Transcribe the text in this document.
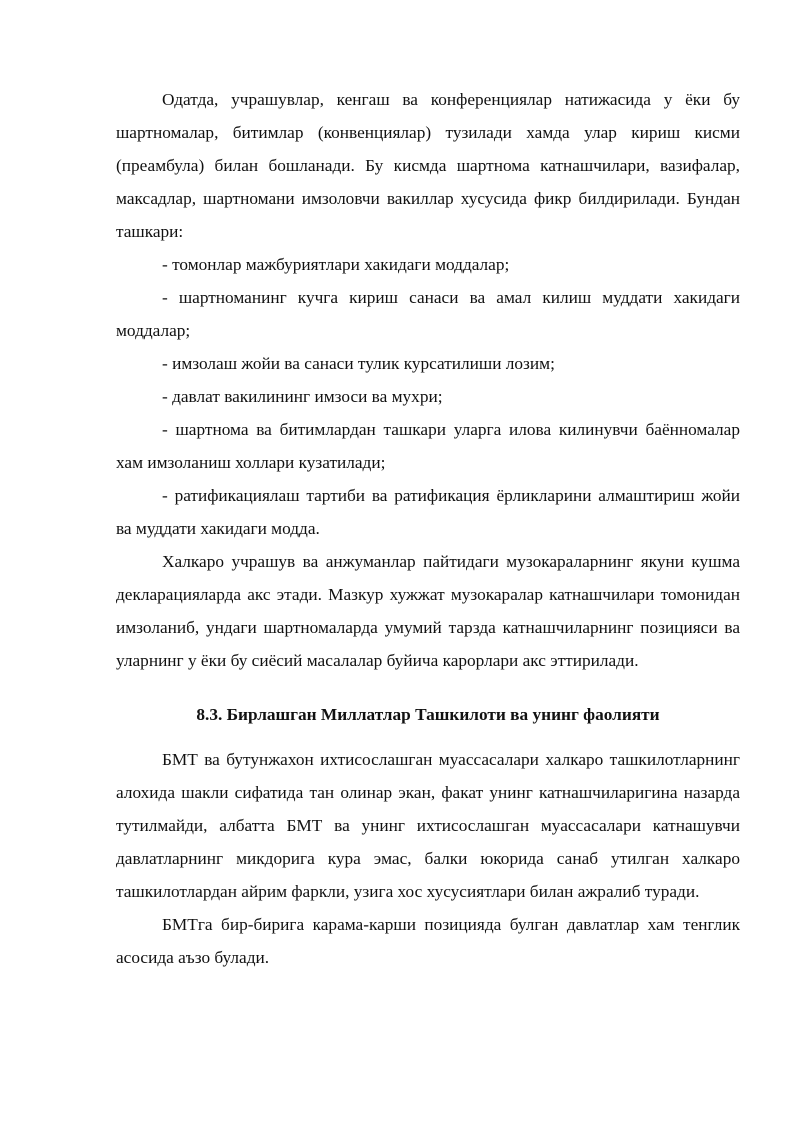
Одатда, учрашувлар, кенгаш ва конференциялар натижасида у ёки бу шартномалар, битимлар (конвенциялар) тузилади хамда улар кириш кисми (преамбула) билан бошланади. Бу кисмда шартнома катнашчилари, вазифалар, максадлар, шартномани имзоловчи вакиллар хусусида фикр билдирилади. Бундан ташкари:

- томонлар мажбуриятлари хакидаги моддалар;

- шартноманинг кучга кириш санаси ва амал килиш муддати хакидаги моддалар;

- имзолаш жойи ва санаси тулик курсатилиши лозим;

- давлат вакилининг имзоси ва мухри;

- шартнома ва битимлардан ташкари уларга илова килинувчи баённомалар хам имзоланиш холлари кузатилади;

- ратификациялаш тартиби ва ратификация ёрликларини алмаштириш жойи ва муддати хакидаги модда.

Халкаро учрашув ва анжуманлар пайтидаги музокараларнинг якуни кушма декларацияларда акс этади. Мазкур хужжат музокаралар катнашчилари томонидан имзоланиб, ундаги шартномаларда умумий тарзда катнашчиларнинг позицияси ва уларнинг у ёки бу сиёсий масалалар буйича карорлари акс эттирилади.

8.3. Бирлашган Миллатлар Ташкилоти ва унинг фаолияти

БМТ ва бутунжахон ихтисослашган муассасалари халкаро ташкилотларнинг алохида шакли сифатида тан олинар экан, факат унинг катнашчиларигина назарда тутилмайди, албатта БМТ ва унинг ихтисослашган муассасалари катнашувчи давлатларнинг микдорига кура эмас, балки юкорида санаб утилган халкаро ташкилотлардан айрим фаркли, узига хос хусусиятлари билан ажралиб туради.

БМТга бир-бирига карама-карши позицияда булган давлатлар хам тенглик асосида аъзо булади.
